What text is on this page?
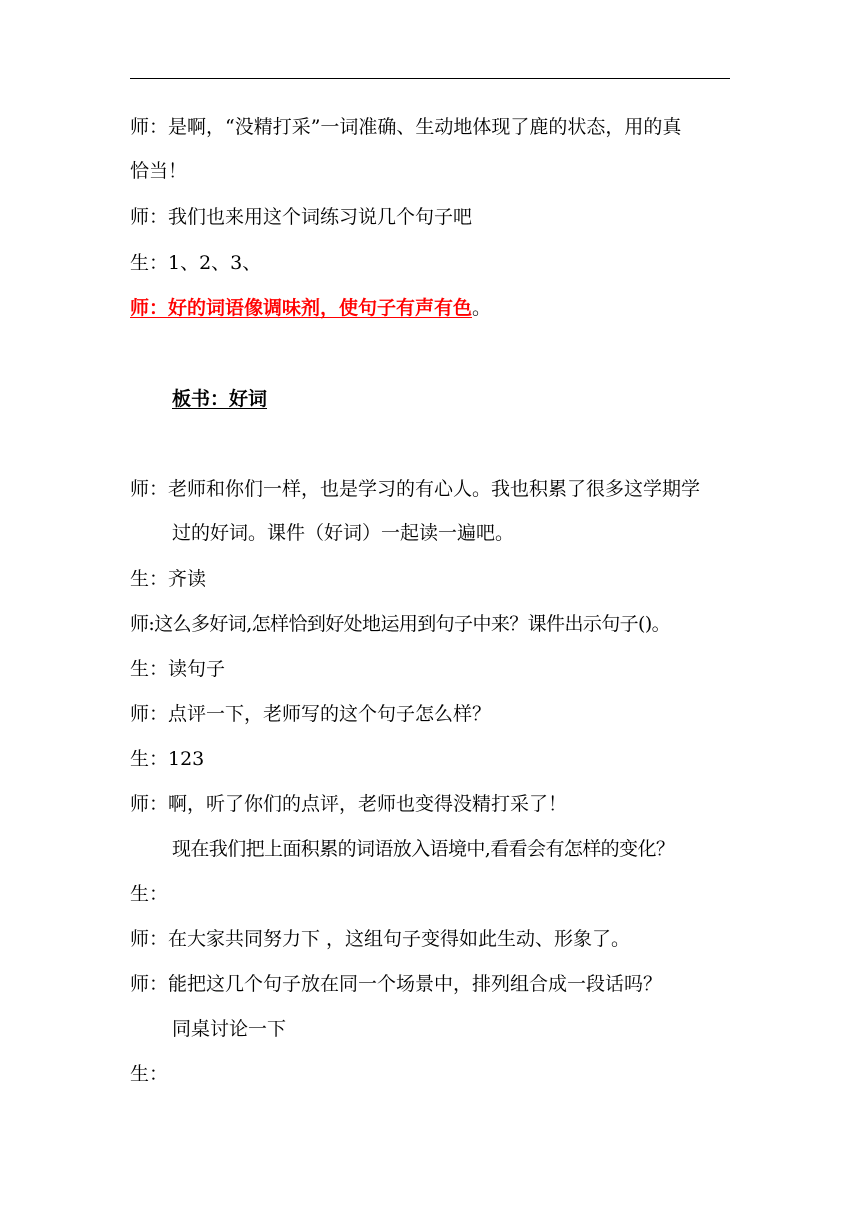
师：是啊，“没精打采”一词准确、生动地体现了鹿的状态，用的真
恰当！
师：我们也来用这个词练习说几个句子吧
生：1、2、3、
师：好的词语像调味剂，使句子有声有色。
板书：好词
师：老师和你们一样，也是学习的有心人。我也积累了很多这学期学
过的好词。课件（好词）一起读一遍吧。
生：齐读
师:这么多好词,怎样恰到好处地运用到句子中来？课件出示句子()。
生：读句子
师：点评一下，老师写的这个句子怎么样？
生：123
师：啊，听了你们的点评，老师也变得没精打采了！
现在我们把上面积累的词语放入语境中,看看会有怎样的变化？
生：
师：在大家共同努力下 ，这组句子变得如此生动、形象了。
师：能把这几个句子放在同一个场景中，排列组合成一段话吗？
同桌讨论一下
生：
